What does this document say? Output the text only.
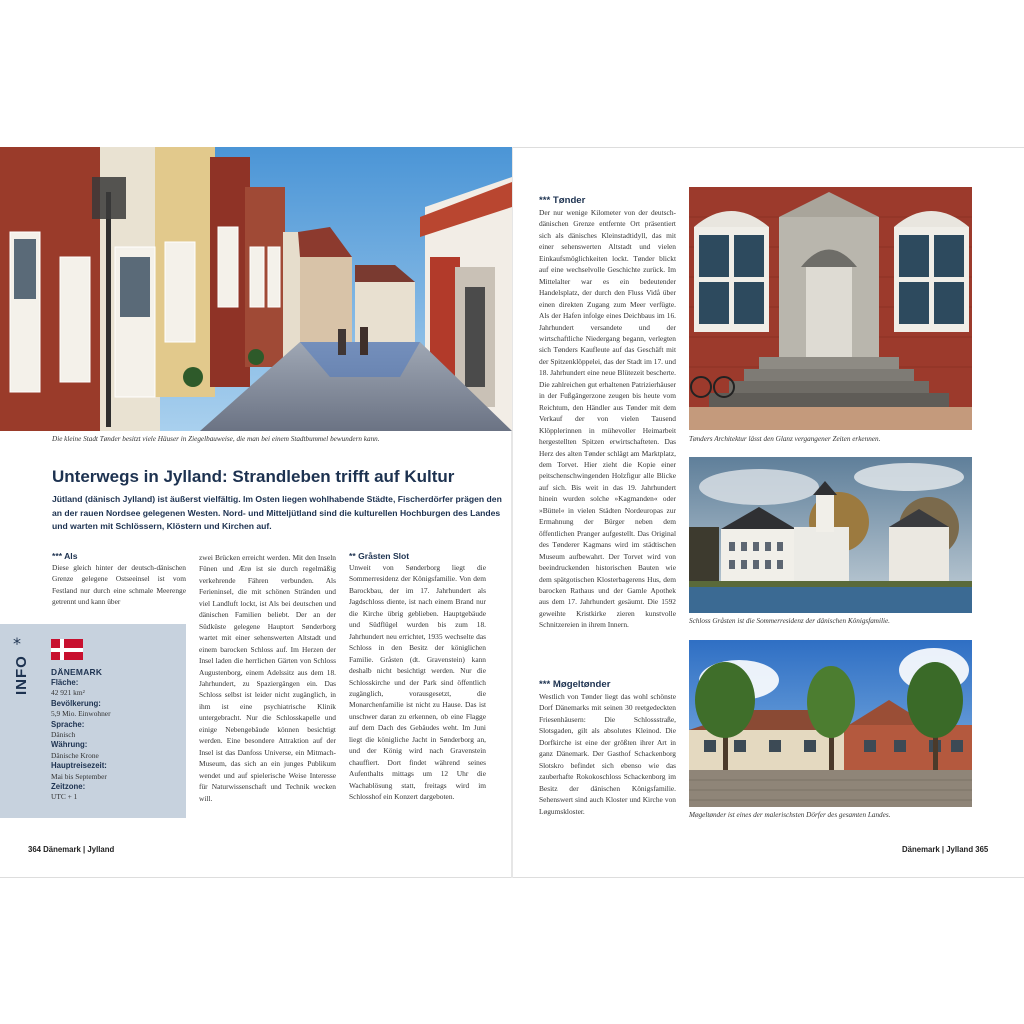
Die kleine Stadt Tønder besitzt viele Häuser in Ziegelbauweise, die man bei einem Stadtbummel bewundern kann.
Unterwegs in Jylland: Strandleben trifft auf Kultur
Jütland (dänisch Jylland) ist äußerst vielfältig. Im Osten liegen wohlhabende Städte, Fischerdörfer prägen den an der rauen Nordsee gelegenen Westen. Nord- und Mitteljütland sind die kulturellen Hochburgen des Landes und warten mit Schlössern, Klöstern und Kirchen auf.
*** Als

Diese gleich hinter der deutsch-dänischen Grenze gelegene Ostseeinsel ist vom Festland nur durch eine schmale Meerenge getrennt und kann über

INFO
*
DÄNEMARK
Fläche:
42 921 km²
Bevölkerung:
5,9 Mio. Einwohner
Sprache:
Dänisch
Währung:
Dänische Krone
Hauptreisezeit:
Mai bis September
Zeitzone:
UTC + 1

zwei Brücken erreicht werden. Mit den Inseln Fünen und Ærø ist sie durch regelmäßig verkehrende Fähren verbunden. Als Ferieninsel, die mit schönen Stränden und viel Landluft lockt, ist Als bei deutschen und dänischen Familien beliebt. Der an der Südküste gelegene Hauptort Sønderborg wartet mit einer sehenswerten Altstadt und einem barocken Schloss auf. Im Herzen der Insel laden die herrlichen Gärten von Schloss Augustenborg, einem Adelssitz aus dem 18. Jahrhundert, zu Spaziergängen ein. Das Schloss selbst ist leider nicht zugänglich, in ihm ist eine psychiatrische Klinik untergebracht. Nur die Schlosskapelle und einige Nebengebäude können besichtigt werden. Eine besondere Attraktion auf der Insel ist das Danfoss Universe, ein Mitmach-Museum, das sich an ein junges Publikum wendet und auf spielerische Weise Interesse für Naturwissenschaft und Technik wecken will.

** Gråsten Slot

Unweit von Sønderborg liegt die Sommerresidenz der Königsfamilie. Von dem Barockbau, der im 17. Jahrhundert als Jagdschloss diente, ist nach einem Brand nur die Kirche übrig geblieben. Hauptgebäude und Südflügel wurden bis zum 18. Jahrhundert neu errichtet, 1935 wechselte das Schloss in den Besitz der königlichen Familie. Gråsten (dt. Gravenstein) kann deshalb nicht besichtigt werden. Nur die Schlosskirche und der Park sind öffentlich zugänglich, vorausgesetzt, die Monarchenfamilie ist nicht zu Hause. Das ist unschwer daran zu erkennen, ob eine Flagge auf dem Dach des Gebäudes weht. Im Juni liegt die königliche Jacht in Sønderborg an, und der König wird nach Gravenstein chauffiert. Dort findet während seines Aufenthalts mittags um 12 Uhr die Wachablösung statt, freitags wird im Schlosshof ein Konzert dargeboten.

364 Dänemark | Jylland
*** Tønder

Der nur wenige Kilometer von der deutsch-dänischen Grenze entfernte Ort präsentiert sich als dänisches Kleinstadtidyll, das mit einer sehenswerten Altstadt und vielen Einkaufsmöglichkeiten lockt. Tønder blickt auf eine wechselvolle Geschichte zurück. Im Mittelalter war es ein bedeutender Handelsplatz, der durch den Fluss Vidå über einen direkten Zugang zum Meer verfügte. Als der Hafen infolge eines Deichbaus im 16. Jahrhundert versandete und der wirtschaftliche Niedergang begann, verlegten sich Tønders Kaufleute auf das Geschäft mit der Spitzenklöppelei, das der Stadt im 17. und 18. Jahrhundert eine neue Blütezeit bescherte. Die zahlreichen gut erhaltenen Patrizierhäuser in der Fußgängerzone zeugen bis heute vom Reichtum, den Händler aus Tønder mit dem Verkauf der von vielen Tausend Klöpplerinnen in mühevoller Heimarbeit hergestellten Spitzen erwirtschafteten. Das Herz des alten Tønder schlägt am Marktplatz, dem Torvet. Hier zieht die Kopie einer peitschenschwingenden Holzfigur alle Blicke auf sich. Bis weit in das 19. Jahrhundert hinein wurden solche »Kagmanden« oder »Büttel« in vielen Städten Nordeuropas zur Ermahnung der Bürger neben dem öffentlichen Pranger aufgestellt. Das Original des Tønderer Kagmans wird im städtischen Museum aufbewahrt. Der Torvet wird von beeindruckenden historischen Bauten wie dem spätgotischen Klosterbagerens Hus, dem barocken Rathaus und der Gamle Apothek aus dem 17. Jahrhundert gesäumt. Die 1592 geweihte Kristkirke zieren kunstvolle Schnitzereien in ihrem Innern.

*** Møgeltønder

Westlich von Tønder liegt das wohl schönste Dorf Dänemarks mit seinen 30 reetgedeckten Friesenhäusern: Die Schlossstraße, Slotsgaden, gilt als absolutes Kleinod. Die Dorfkirche ist eine der größten ihrer Art in ganz Dänemark. Der Gasthof Schackenborg Slotskro befindet sich ebenso wie das zauberhafte Rokokoschloss Schackenborg im Besitz der dänischen Königsfamilie. Sehenswert sind auch Kloster und Kirche von Løgumskloster.

Tønders Architektur lässt den Glanz vergangener Zeiten erkennen.
Schloss Gråsten ist die Sommerresidenz der dänischen Königsfamilie.
Møgeltønder ist eines der malerischsten Dörfer des gesamten Landes.
Dänemark | Jylland 365
